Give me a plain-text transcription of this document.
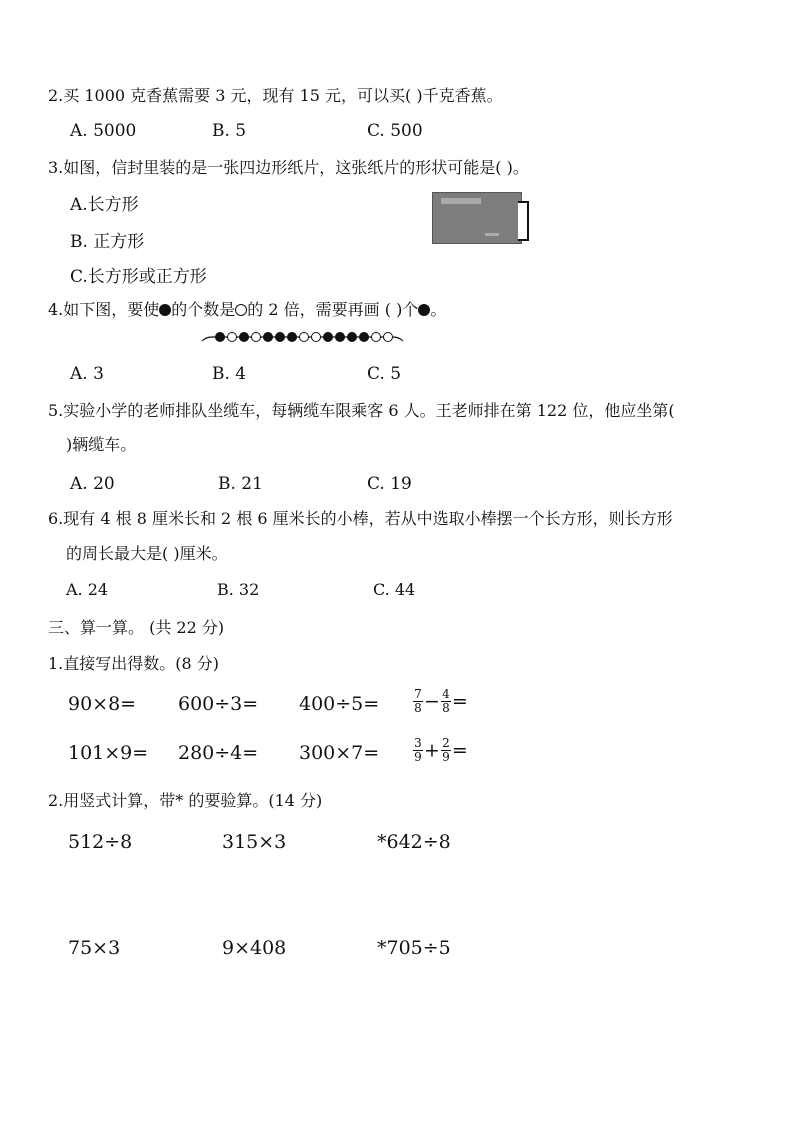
2.买 1000 克香蕉需要 3 元，现有 15 元，可以买( )千克香蕉。
A. 5000	B. 5	C. 500
3.如图，信封里装的是一张四边形纸片，这张纸片的形状可能是( )。
A.长方形
B. 正方形
C.长方形或正方形
4.如下图，要使 的个数是 的 2 倍，需要再画 ( )个 。
A. 3	B. 4	C. 5
5.实验小学的老师排队坐缆车，每辆缆车限乘客 6 人。王老师排在第 122 位，他应坐第(
)辆缆车。
A. 20	B. 21	C. 19
6.现有 4 根 8 厘米长和 2 根 6 厘米长的小棒，若从中选取小棒摆一个长方形，则长方形
的周长最大是( )厘米。
A. 24	B. 32	C. 44
三、算一算。 (共 22 分)
1.直接写出得数。(8 分)
90×8= 600÷3= 400÷5=	$\frac{7}{8} - \frac{4}{8}$ =
101×9= 280÷4= 300×7=	$\frac{3}{9} + \frac{2}{9}$ =
2.用竖式计算，带* 的要验算。(14 分)
512÷8	315×3	*642÷8
75×3	9×408	*705÷5
